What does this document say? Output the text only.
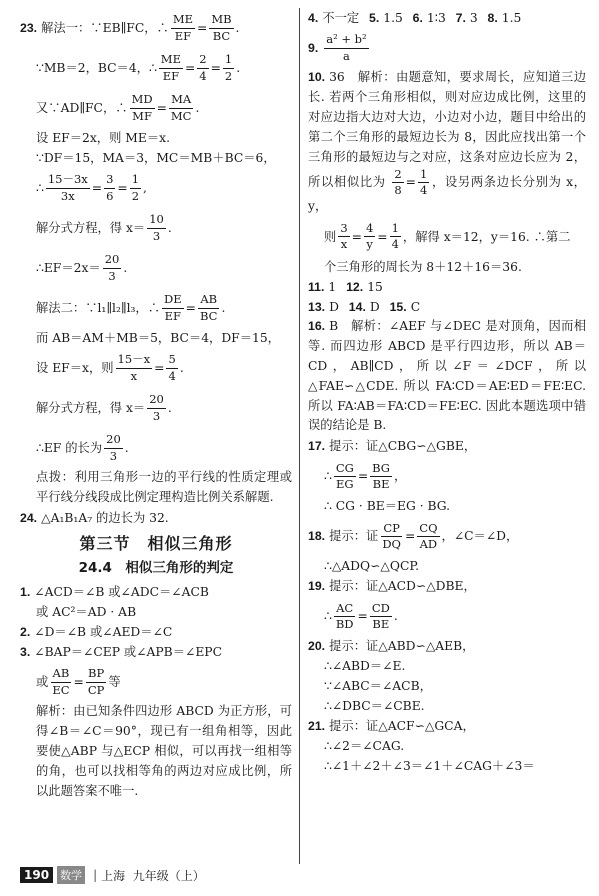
23. 解法一：∵EB∥FC，∴ $\frac{ME}{EF} = \frac{MB}{BC}$ .
∵MB＝2，BC＝4，∴ $\frac{ME}{EF} = \frac{2}{4} = \frac{1}{2}$ .
又∵AD∥FC，∴ $\frac{MD}{MF} = \frac{MA}{MC}$ .
设 EF＝2x，则 ME＝x.
∵DF＝15，MA＝3，MC＝MB＋BC＝6，
∴ $\frac{15-3x}{3x} = \frac{3}{6} = \frac{1}{2}$ ,
解分式方程，得 $x= \frac{10}{3}$ .
∴EF＝2x＝ $\frac{20}{3}$ .
解法二：∵l₁∥l₂∥l₃，∴ $\frac{DE}{EF} = \frac{AB}{BC}$ .
而 AB＝AM＋MB＝5，BC＝4，DF＝15，
设 EF＝x，则 $\frac{15-x}{x} = \frac{5}{4}$ .
解分式方程，得 $x= \frac{20}{3}$ .
∴EF 的长为 $\frac{20}{3}$ .
点拨：利用三角形一边的平行线的性质定理或平行线分线段成比例定理构造比例关系解题.
24. △A₁B₁A₇ 的边长为 32.
第三节　相似三角形
24.4　相似三角形的判定
1. ∠ACD＝∠B 或∠ADC＝∠ACB
或 AC²＝AD · AB
2. ∠D＝∠B 或∠AED＝∠C
3. ∠BAP＝∠CEP 或∠APB＝∠EPC
或 $\frac{AB}{EC} = \frac{BP}{CP}$ 等
解析：由已知条件四边形 ABCD 为正方形，可得∠B＝∠C＝90°，现已有一组角相等，因此要使△ABP 与△ECP 相似，可以再找一组相等的角，也可以找相等角的两边对应成比例，所以此题答案不唯一.
4. 不一定
5. 1.5
6. 1∶3
7. 3
8. 1.5
9. $\frac{\text{a² + b²}}{a}$
10. 36　解析：由题意知，要求周长，应知道三边长. 若两个三角形相似，则对应边成比例，这里的对应边指大边对大边，小边对小边，题目中给出的第二个三角形的最短边长为 8，因此应找出第一个三角形的最短边与之对应，这条对应边长应为 2，所以相似比为 $\frac{2}{8} = \frac{1}{4}$ ，设另两条边长分别为 x，y，
则 $\frac{3}{x} = \frac{4}{y} = \frac{1}{4}$ ，解得 x＝12，y＝16. ∴第二
个三角形的周长为 8＋12＋16＝36.
11. 1
12. 15
13. D
14. D
15. C
16. B　解析：∠AEF 与∠DEC 是对顶角，因而相等. 而四边形 ABCD 是平行四边形，所以 AB＝CD，AB∥CD，所以∠F＝∠DCF，所以△FAE∽△CDE. 所以 FA∶CD＝AE∶ED＝FE∶EC. 所以 FA∶AB＝FA∶CD＝FE∶EC. 因此本题选项中错误的结论是 B.
17. 提示：证△CBG∽△GBE，
∴ $\frac{CG}{EG} = \frac{BG}{BE}$ ，
∴ CG · BE＝EG · BG.
18. 提示：证 $\frac{CP}{DQ} = \frac{CQ}{AD}$ ，∠C＝∠D，
∴△ADQ∽△QCP.
19. 提示：证△ACD∽△DBE，
∴ $\frac{AC}{BD} = \frac{CD}{BE}$ .
20. 提示：证△ABD∽△AEB，
∴∠ABD＝∠E.
∵∠ABC＝∠ACB，
∴∠DBC＝∠CBE.
21. 提示：证△ACF∽△GCA，
∴∠2＝∠CAG.
∴∠1＋∠2＋∠3＝∠1＋∠CAG＋∠3＝
190	数学 | 上海
九年级（上）
